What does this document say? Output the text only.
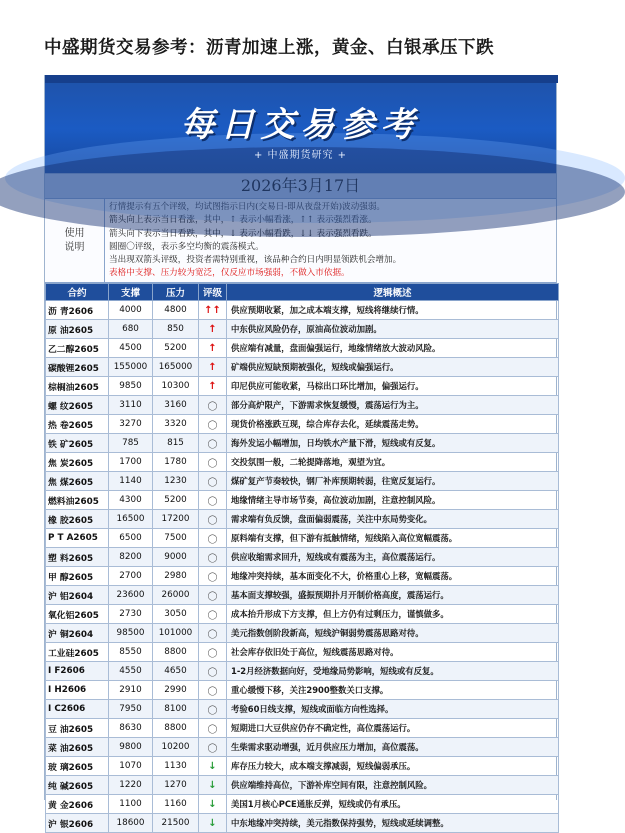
中盛期货交易参考：沥青加速上涨，黄金、白银承压下跌
每日交易参考
+ 中盛期货研究 +
2026年3月17日
使用
说明
行情提示有五个评级，均试图指示日内(交易日-即从夜盘开始)波动强弱。
箭头向上表示当日看涨，其中，↑ 表示小幅看涨，↑↑ 表示强烈看涨。
箭头向下表示当日看跌，其中，↓ 表示小幅看跌，↓↓ 表示强烈看跌。
圆圈〇评级，表示多空均衡的震荡模式。
当出现双箭头评级，投资者需特别重视，该品种合约日内明显领跌机会增加。
表格中支撑、压力较为宽泛，仅反应市场强弱，不做入市依据。
合约	支撑	压力	评级	逻辑概述
沥 青2606	4000	4800	↑↑	供应预期收紧，加之成本端支撑，短线将继续行情。
原 油2605	680	850	↑	中东供应风险仍存，原油高位波动加剧。
乙二醇2605	4500	5200	↑	供应端有减量，盘面偏强运行，地缘情绪放大波动风险。
碳酸锂2605	155000	165000	↑	矿端供应短缺预期被强化，短线或偏强运行。
棕榈油2605	9850	10300	↑	印尼供应可能收紧，马棕出口环比增加，偏强运行。
螺 纹2605	3110	3160	〇	部分高炉限产，下游需求恢复缓慢，震荡运行为主。
热 卷2605	3270	3320	〇	现货价格涨跌互现，综合库存去化，延续震荡走势。
铁 矿2605	785	815	〇	海外发运小幅增加，日均铁水产量下滑，短线或有反复。
焦 炭2605	1700	1780	〇	交投氛围一般，二轮提降落地，观望为宜。
焦 煤2605	1140	1230	〇	煤矿复产节奏较快，钢厂补库预期转弱，往宽反复运行。
燃料油2605	4300	5200	〇	地缘情绪主导市场节奏，高位波动加剧，注意控制风险。
橡 胶2605	16500	17200	〇	需求端有负反馈，盘面偏弱震荡，关注中东局势变化。
P T A2605	6500	7500	〇	原料端有支撑，但下游有抵触情绪，短线陷入高位宽幅震荡。
塑 料2605	8200	9000	〇	供应收缩需求回升，短线或有震荡为主，高位震荡运行。
甲 醇2605	2700	2980	〇	地缘冲突持续，基本面变化不大，价格重心上移，宽幅震荡。
沪 铝2604	23600	26000	〇	基本面支撑较强，盛振预期扑月开制价格高度，震荡运行。
氧化铝2605	2730	3050	〇	成本抬升形成下方支撑，但上方仍有过剩压力，谨慎做多。
沪 铜2604	98500	101000	〇	美元指数创阶段新高，短线沪铜弱势震荡思路对待。
工业硅2605	8550	8800	〇	社会库存依旧处于高位，短线震荡思路对待。
I F2606	4550	4650	〇	1-2月经济数据向好，受地缘局势影响，短线或有反复。
I H2606	2910	2990	〇	重心缓慢下移，关注2900整数关口支撑。
I C2606	7950	8100	〇	考验60日线支撑，短线或面临方向性选择。
豆 油2605	8630	8800	〇	短期进口大豆供应仍存不确定性，高位震荡运行。
菜 油2605	9800	10200	〇	生柴需求驱动增强，近月供应压力增加，高位震荡。
玻 璃2605	1070	1130	↓	库存压力较大，成本端支撑减弱，短线偏弱承压。
纯 碱2605	1220	1270	↓	供应端维持高位，下游补库空间有限，注意控制风险。
黄 金2606	1100	1160	↓	美国1月核心PCE通胀反弹，短线或仍有承压。
沪 银2606	18600	21500	↓	中东地缘冲突持续，美元指数保持强势，短线或延续调整。
